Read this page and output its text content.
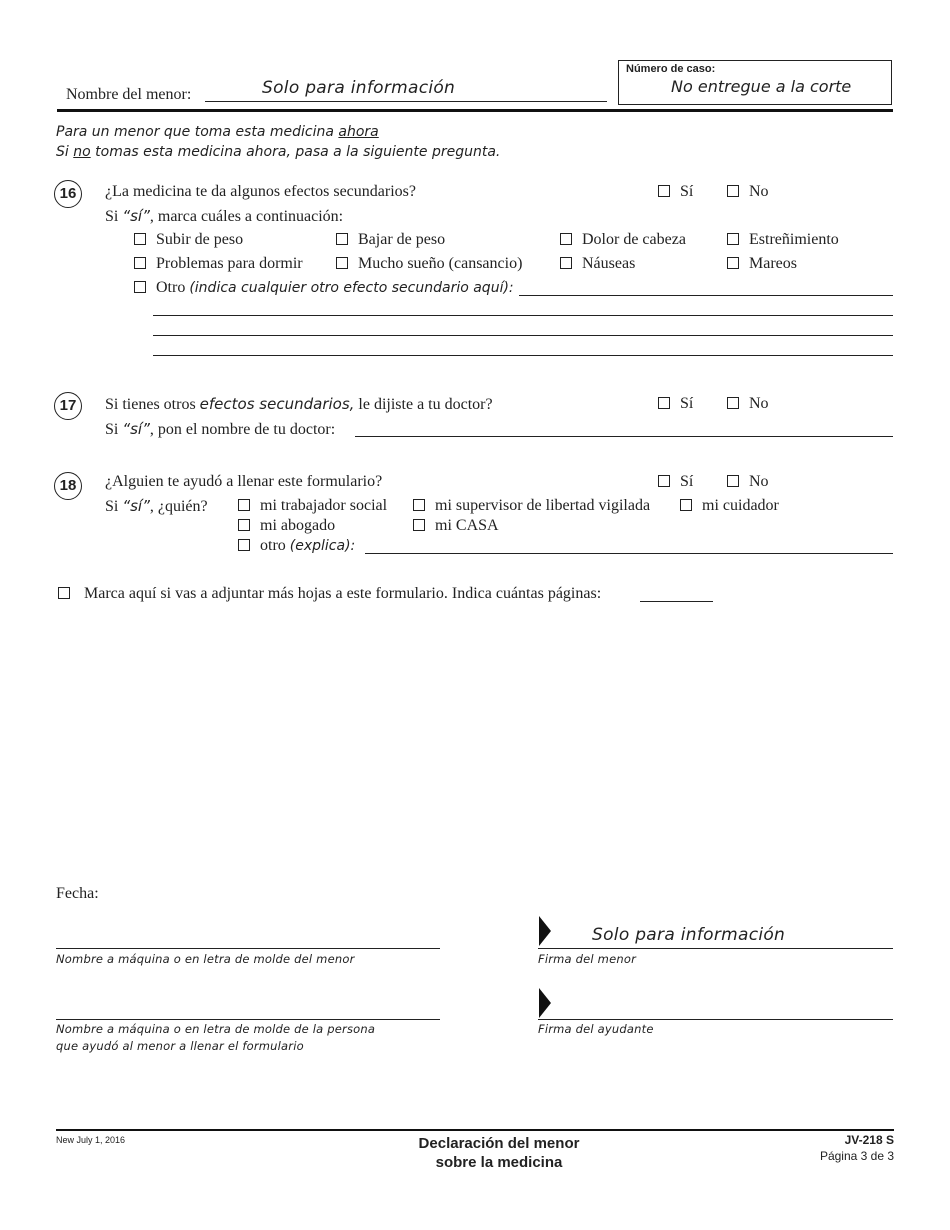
Nombre del menor:	Solo para información
Número de caso:
No entregue a la corte
Para un menor que toma esta medicina ahora
Si no tomas esta medicina ahora, pasa a la siguiente pregunta.
16	¿La medicina te da algunos efectos secundarios?	Sí	No
Si “sí”, marca cuáles a continuación:
Subir de peso	Bajar de peso	Dolor de cabeza	Estreñimiento
Problemas para dormir	Mucho sueño (cansancio)	Náuseas	Mareos
Otro (indica cualquier otro efecto secundario aquí):
17	Si tienes otros efectos secundarios, le dijiste a tu doctor?	Sí	No
Si “sí”, pon el nombre de tu doctor:
18	¿Alguien te ayudó a llenar este formulario?	Sí	No
Si “sí”, ¿quién?	mi trabajador social	mi supervisor de libertad vigilada	mi cuidador
mi abogado	mi CASA
otro (explica):
Marca aquí si vas a adjuntar más hojas a este formulario. Indica cuántas páginas:
Fecha:
Nombre a máquina o en letra de molde del menor
Solo para información
Firma del menor
Nombre a máquina o en letra de molde de la persona
que ayudó al menor a llenar el formulario
Firma del ayudante
New July 1, 2016	Declaración del menor
sobre la medicina
JV-218 S
Página 3 de 3
